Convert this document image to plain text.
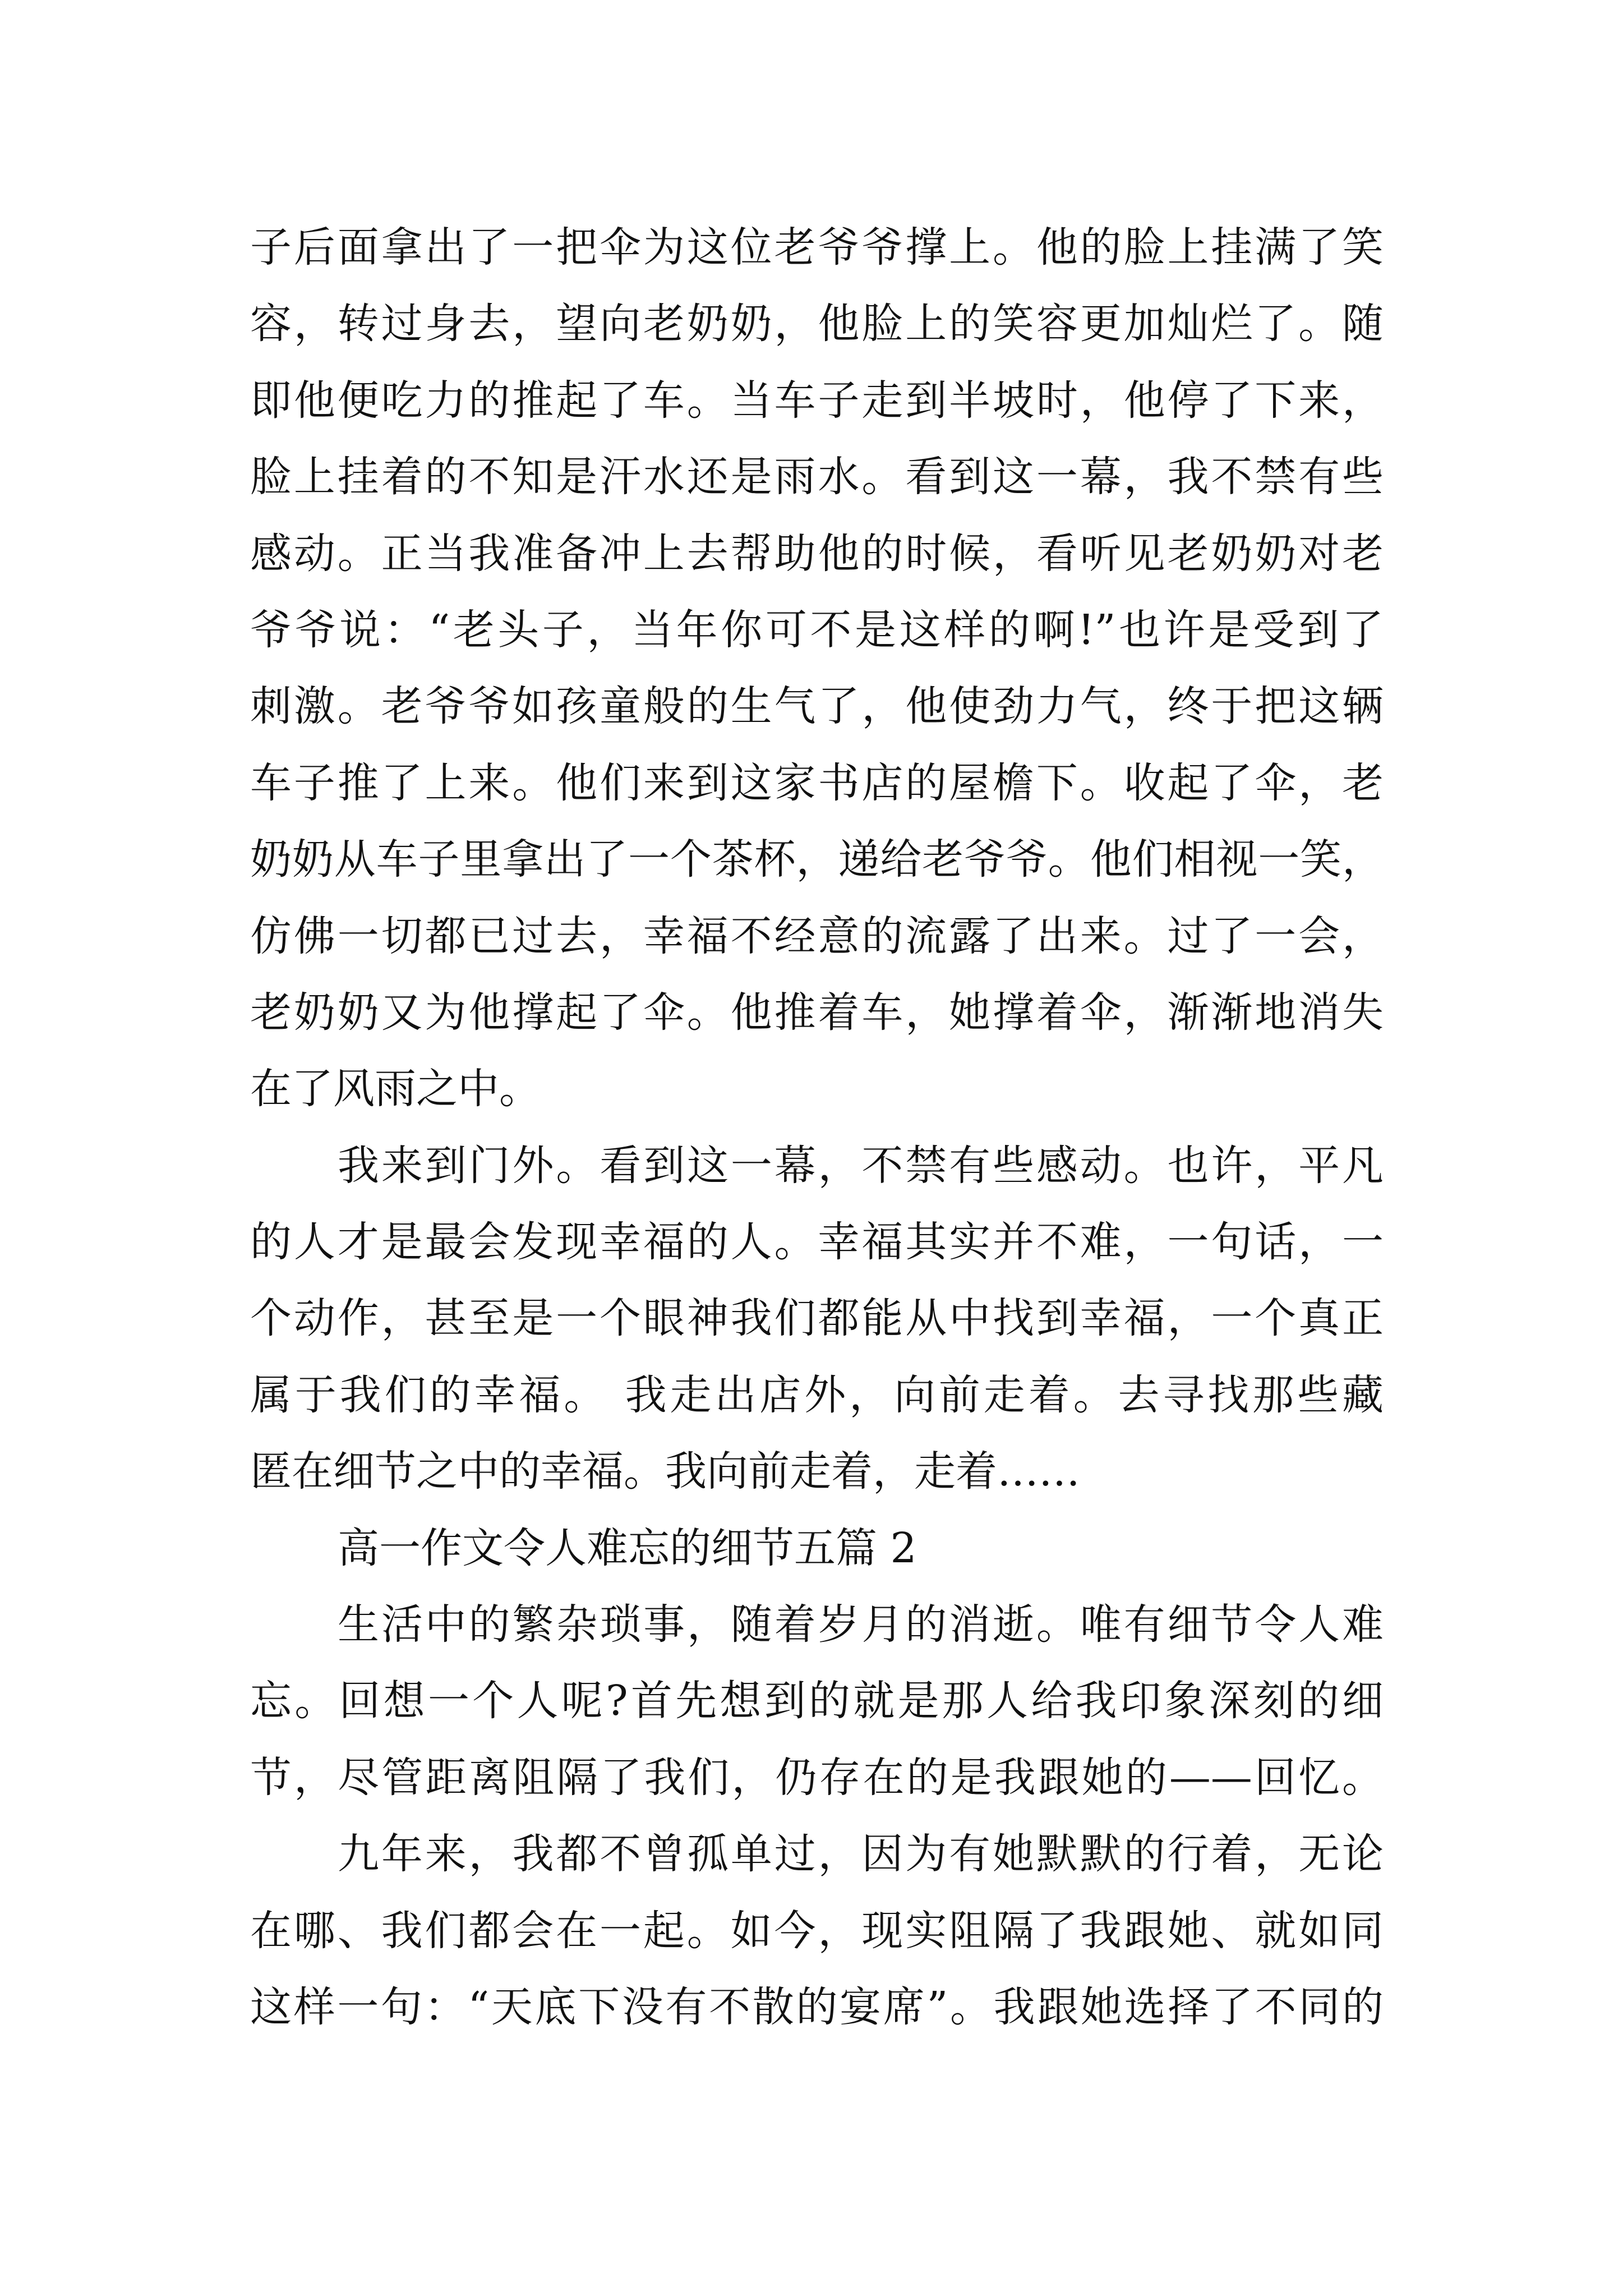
子后面拿出了一把伞为这位老爷爷撑上。他的脸上挂满了笑
容，转过身去，望向老奶奶，他脸上的笑容更加灿烂了。随
即他便吃力的推起了车。当车子走到半坡时，他停了下来，
脸上挂着的不知是汗水还是雨水。看到这一幕，我不禁有些
感动。正当我准备冲上去帮助他的时候，看听见老奶奶对老
爷爷说：“老头子，当年你可不是这样的啊!”也许是受到了
刺激。老爷爷如孩童般的生气了，他使劲力气，终于把这辆
车子推了上来。他们来到这家书店的屋檐下。收起了伞，老
奶奶从车子里拿出了一个茶杯，递给老爷爷。他们相视一笑，
仿佛一切都已过去，幸福不经意的流露了出来。过了一会，
老奶奶又为他撑起了伞。他推着车，她撑着伞，渐渐地消失
在了风雨之中。
我来到门外。看到这一幕，不禁有些感动。也许，平凡
的人才是最会发现幸福的人。幸福其实并不难，一句话，一
个动作，甚至是一个眼神我们都能从中找到幸福，一个真正
属于我们的幸福。 我走出店外，向前走着。去寻找那些藏
匿在细节之中的幸福。我向前走着，走着……
高一作文令人难忘的细节五篇 2
生活中的繁杂琐事，随着岁月的消逝。唯有细节令人难
忘。回想一个人呢?首先想到的就是那人给我印象深刻的细
节，尽管距离阻隔了我们，仍存在的是我跟她的——回忆。
九年来，我都不曾孤单过，因为有她默默的行着，无论
在哪、我们都会在一起。如今，现实阻隔了我跟她、就如同
这样一句：“天底下没有不散的宴席”。我跟她选择了不同的
